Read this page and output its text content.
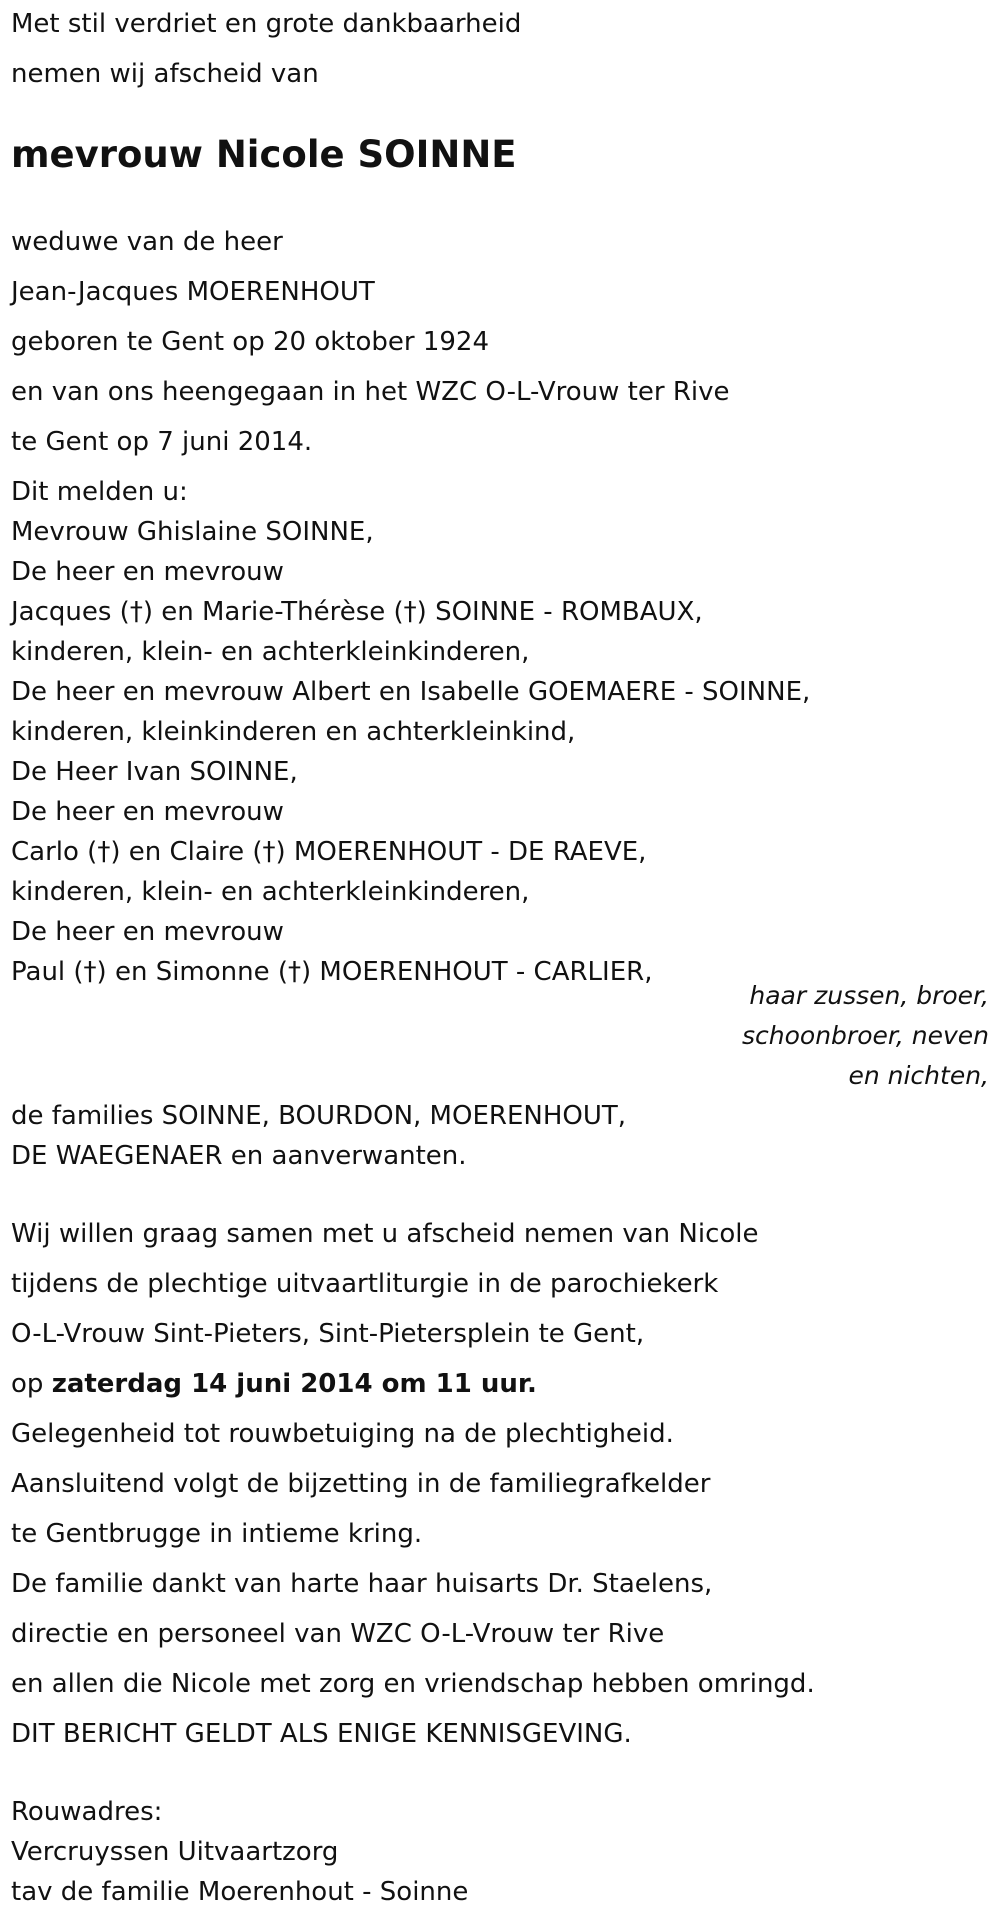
Met stil verdriet en grote dankbaarheid

nemen wij afscheid van

mevrouw Nicole SOINNE

weduwe van de heer

Jean-Jacques MOERENHOUT

geboren te Gent op 20 oktober 1924

en van ons heengegaan in het WZC O-L-Vrouw ter Rive

te Gent op 7 juni 2014.

Dit melden u:

Mevrouw Ghislaine SOINNE,

De heer en mevrouw

Jacques (†) en Marie-Thérèse (†) SOINNE - ROMBAUX,

kinderen, klein- en achterkleinkinderen,

De heer en mevrouw Albert en Isabelle GOEMAERE - SOINNE,

kinderen, kleinkinderen en achterkleinkind,

De Heer Ivan SOINNE,

De heer en mevrouw

Carlo (†) en Claire (†) MOERENHOUT - DE RAEVE,

kinderen, klein- en achterkleinkinderen,

De heer en mevrouw

Paul (†) en Simonne (†) MOERENHOUT - CARLIER,

haar zussen, broer,
schoonbroer, neven
en nichten,

de families SOINNE, BOURDON, MOERENHOUT,

DE WAEGENAER en aanverwanten.

Wij willen graag samen met u afscheid nemen van Nicole

tijdens de plechtige uitvaartliturgie in de parochiekerk

O-L-Vrouw Sint-Pieters, Sint-Pietersplein te Gent,

op zaterdag 14 juni 2014 om 11 uur.

Gelegenheid tot rouwbetuiging na de plechtigheid.

Aansluitend volgt de bijzetting in de familiegrafkelder

te Gentbrugge in intieme kring.

De familie dankt van harte haar huisarts Dr. Staelens,

directie en personeel van WZC O-L-Vrouw ter Rive

en allen die Nicole met zorg en vriendschap hebben omringd.

DIT BERICHT GELDT ALS ENIGE KENNISGEVING.

Rouwadres:

Vercruyssen Uitvaartzorg

tav de familie Moerenhout - Soinne
